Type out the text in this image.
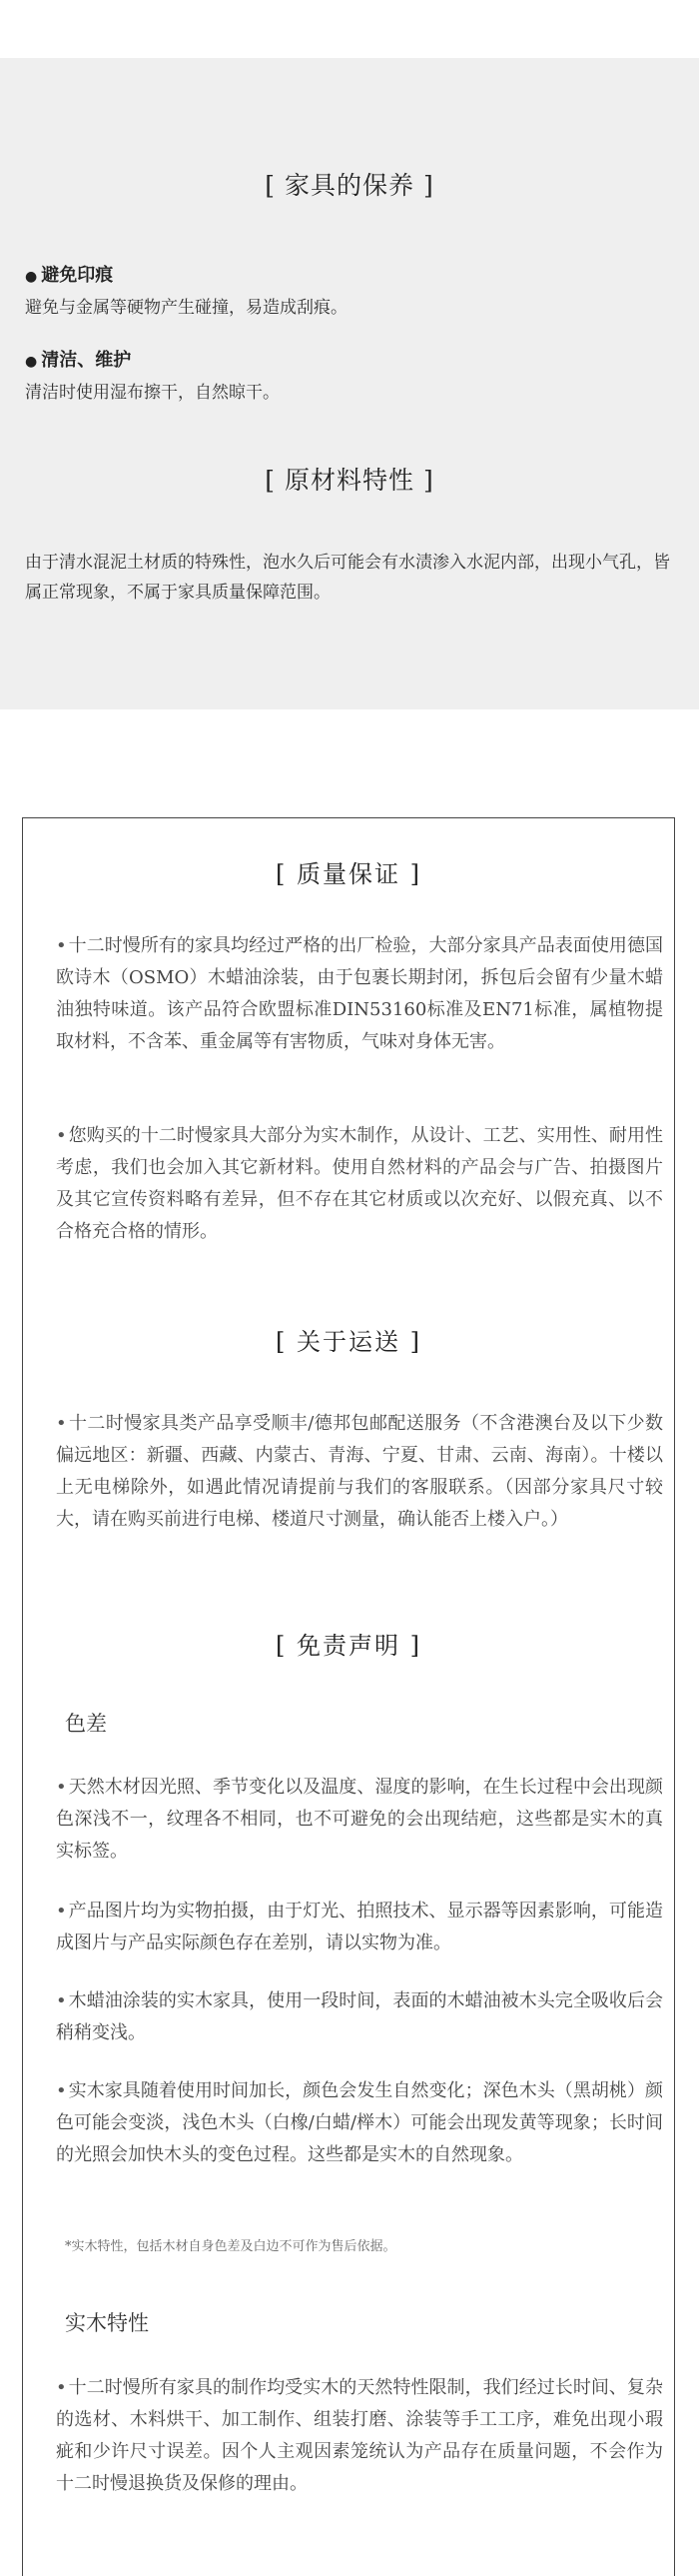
[ 家具的保养 ]

● 避免印痕

避免与金属等硬物产生碰撞，易造成刮痕。

● 清洁、维护

清洁时使用湿布擦干，自然晾干。
[ 原材料特性 ]
由于清水混泥土材质的特殊性，泡水久后可能会有水渍渗入水泥内部，出现小气孔，皆属正常现象，不属于家具质量保障范围。
[ 质量保证 ]
• 十二时慢所有的家具均经过严格的出厂检验，大部分家具产品表面使用德国欧诗木（OSMO）木蜡油涂装，由于包裹长期封闭，拆包后会留有少量木蜡油独特味道。该产品符合欧盟标准DIN53160标准及EN71标准，属植物提取材料，不含苯、重金属等有害物质，气味对身体无害。
• 您购买的十二时慢家具大部分为实木制作，从设计、工艺、实用性、耐用性考虑，我们也会加入其它新材料。使用自然材料的产品会与广告、拍摄图片及其它宣传资料略有差异，但不存在其它材质或以次充好、以假充真、以不合格充合格的情形。
[ 关于运送 ]
• 十二时慢家具类产品享受顺丰/德邦包邮配送服务（不含港澳台及以下少数偏远地区：新疆、西藏、内蒙古、青海、宁夏、甘肃、云南、海南）。十楼以上无电梯除外，如遇此情况请提前与我们的客服联系。（因部分家具尺寸较大，请在购买前进行电梯、楼道尺寸测量，确认能否上楼入户。）
[ 免责声明 ]
色差
• 天然木材因光照、季节变化以及温度、湿度的影响，在生长过程中会出现颜色深浅不一，纹理各不相同，也不可避免的会出现结疤，这些都是实木的真实标签。
• 产品图片均为实物拍摄，由于灯光、拍照技术、显示器等因素影响，可能造成图片与产品实际颜色存在差别，请以实物为准。
• 木蜡油涂装的实木家具，使用一段时间，表面的木蜡油被木头完全吸收后会稍稍变浅。
• 实木家具随着使用时间加长，颜色会发生自然变化；深色木头（黑胡桃）颜色可能会变淡，浅色木头（白橡/白蜡/榉木）可能会出现发黄等现象；长时间的光照会加快木头的变色过程。这些都是实木的自然现象。
*实木特性，包括木材自身色差及白边不可作为售后依据。
实木特性
• 十二时慢所有家具的制作均受实木的天然特性限制，我们经过长时间、复杂的选材、木料烘干、加工制作、组装打磨、涂装等手工工序，难免出现小瑕疵和少许尺寸误差。因个人主观因素笼统认为产品存在质量问题，不会作为十二时慢退换货及保修的理由。
